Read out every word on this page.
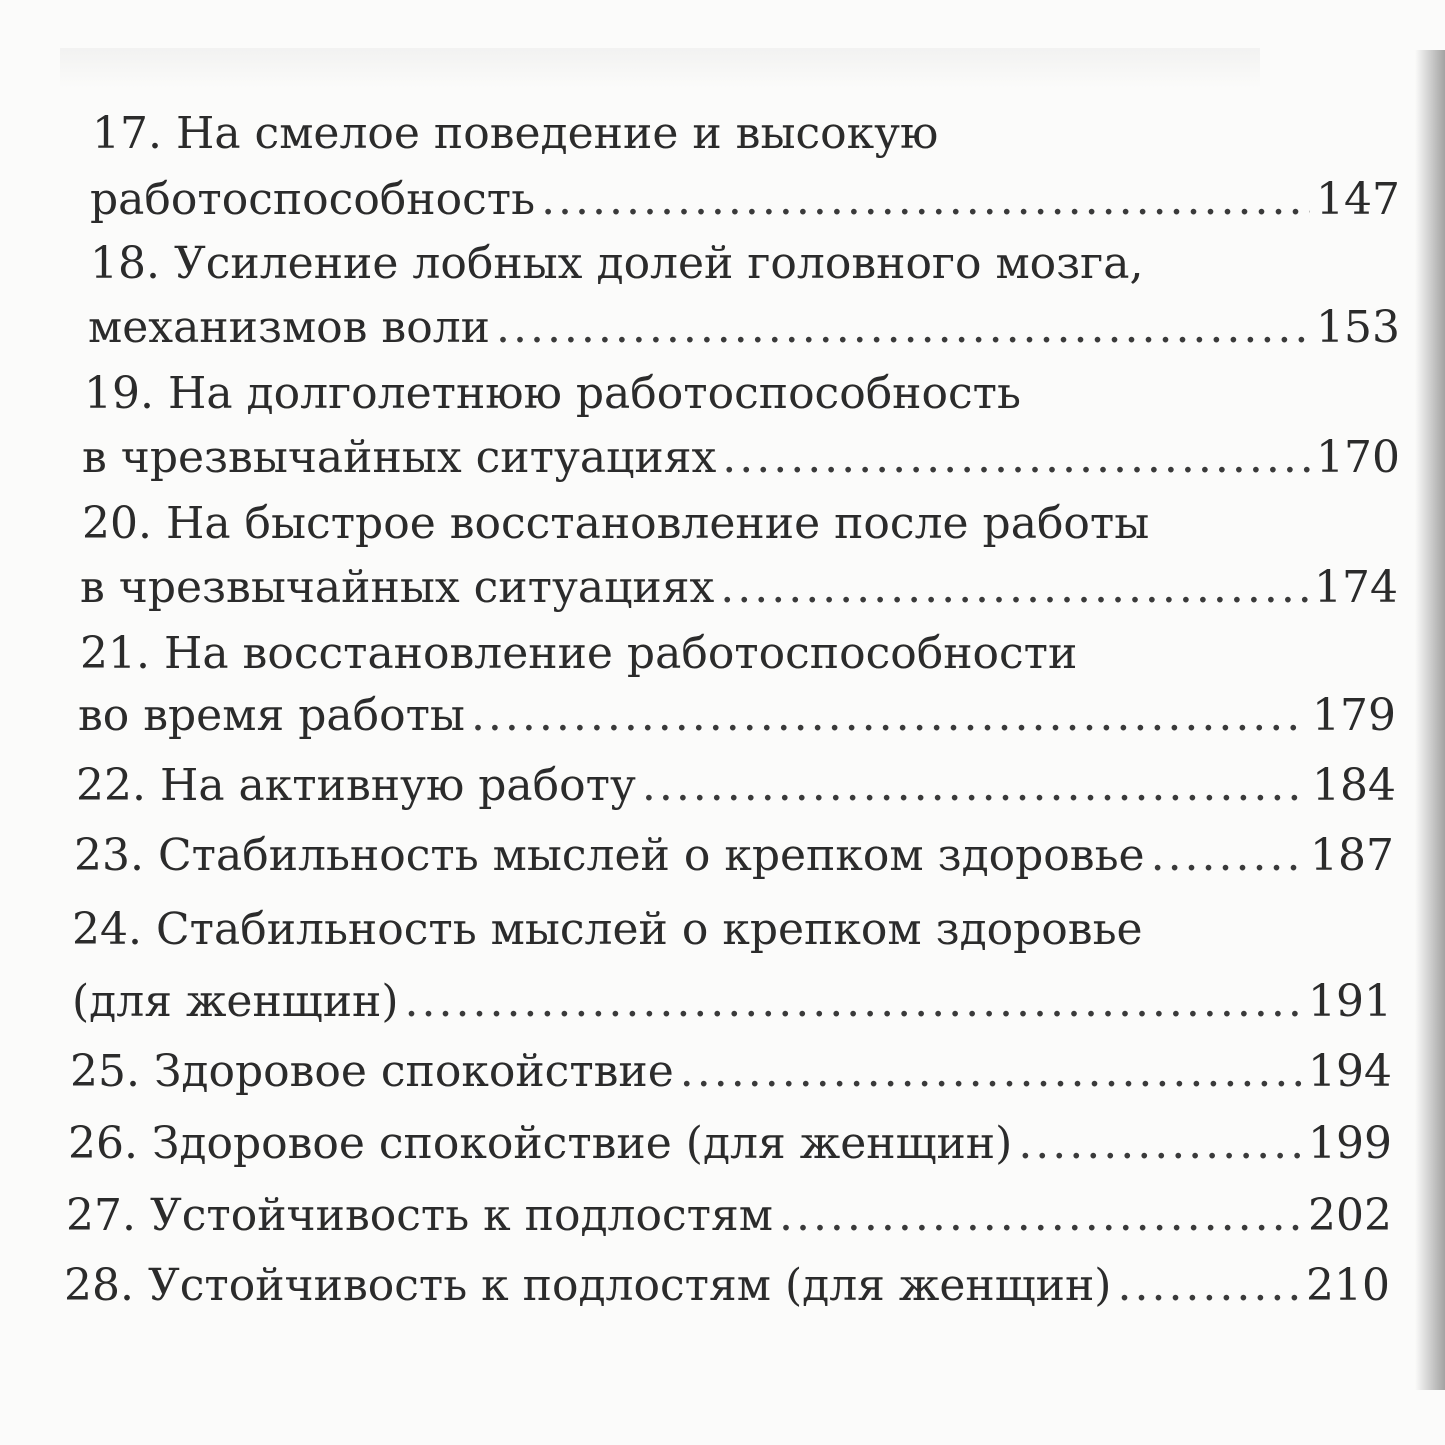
17. На смелое поведение и высокую
работоспособность .....	147
18. Усиление лобных долей головного мозга,
механизмов воли .....	153
19. На долголетнюю работоспособность
в чрезвычайных ситуациях .....	170
20. На быстрое восстановление после работы
в чрезвычайных ситуациях .....	174
21. На восстановление работоспособности
во время работы .....	179
22. На активную работу .....	184
23. Стабильность мыслей о крепком здоровье .....	187
24. Стабильность мыслей о крепком здоровье
(для женщин) .....	191
25. Здоровое спокойствие .....	194
26. Здоровое спокойствие (для женщин) .....	199
27. Устойчивость к подлостям .....	202
28. Устойчивость к подлостям (для женщин) .....	210
